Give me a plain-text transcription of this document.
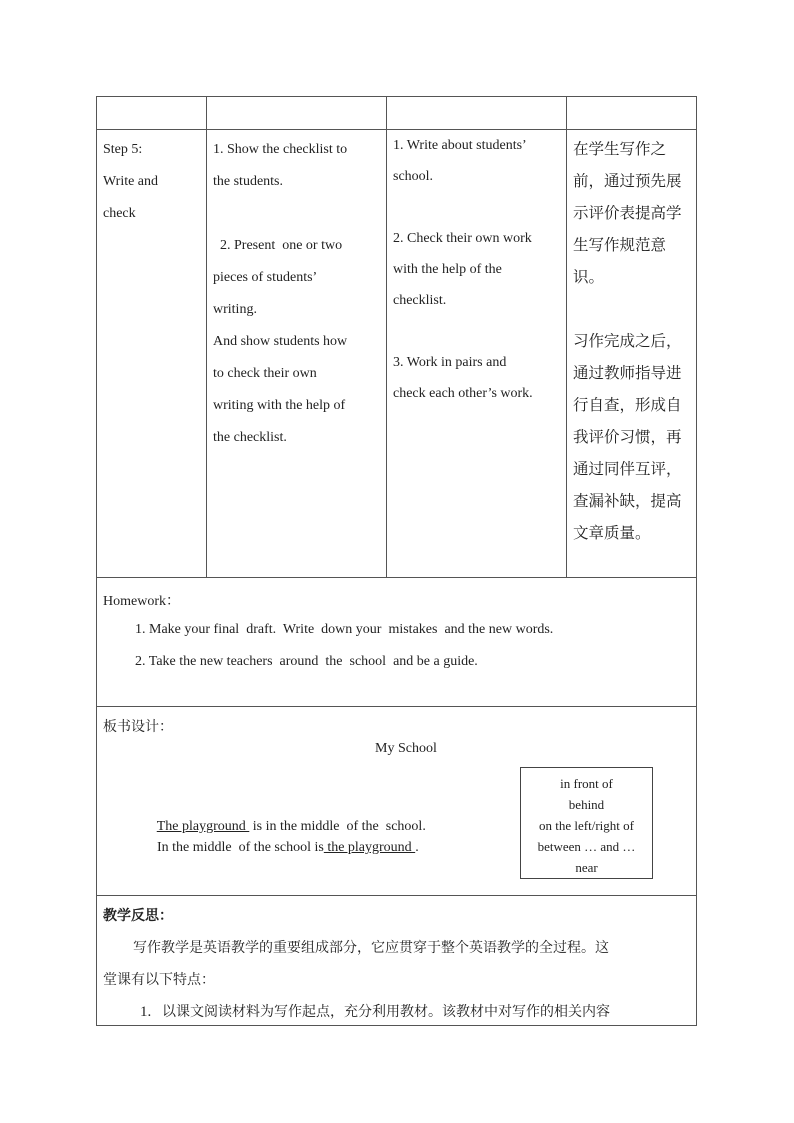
Step 5:

Write and

check

1. Show the checklist to

the students.

2. Present  one or two

pieces of students’

writing.

And show students how

to check their own

writing with the help of

the checklist.

1. Write about students’

school.

2. Check their own work

with the help of the

checklist.

3. Work in pairs and

check each other’s work.

在学生写作之

前，通过预先展

示评价表提高学

生写作规范意

识。

习作完成之后，

通过教师指导进

行自查，形成自

我评价习惯，再

通过同伴互评，

查漏补缺，提高

文章质量。

Homework：
1. Make your final  draft.  Write  down your  mistakes  and the new words.
2. Take the new teachers  around  the  school  and be a guide.
板书设计：
My School

The playground  is in the middle  of the  school.

In the middle  of the school is the playground .

in front of
behind
on the left/right of
between … and …
near
教学反思：
写作教学是英语教学的重要组成部分，它应贯穿于整个英语教学的全过程。这
堂课有以下特点：
1. 以课文阅读材料为写作起点，充分利用教材。该教材中对写作的相关内容
